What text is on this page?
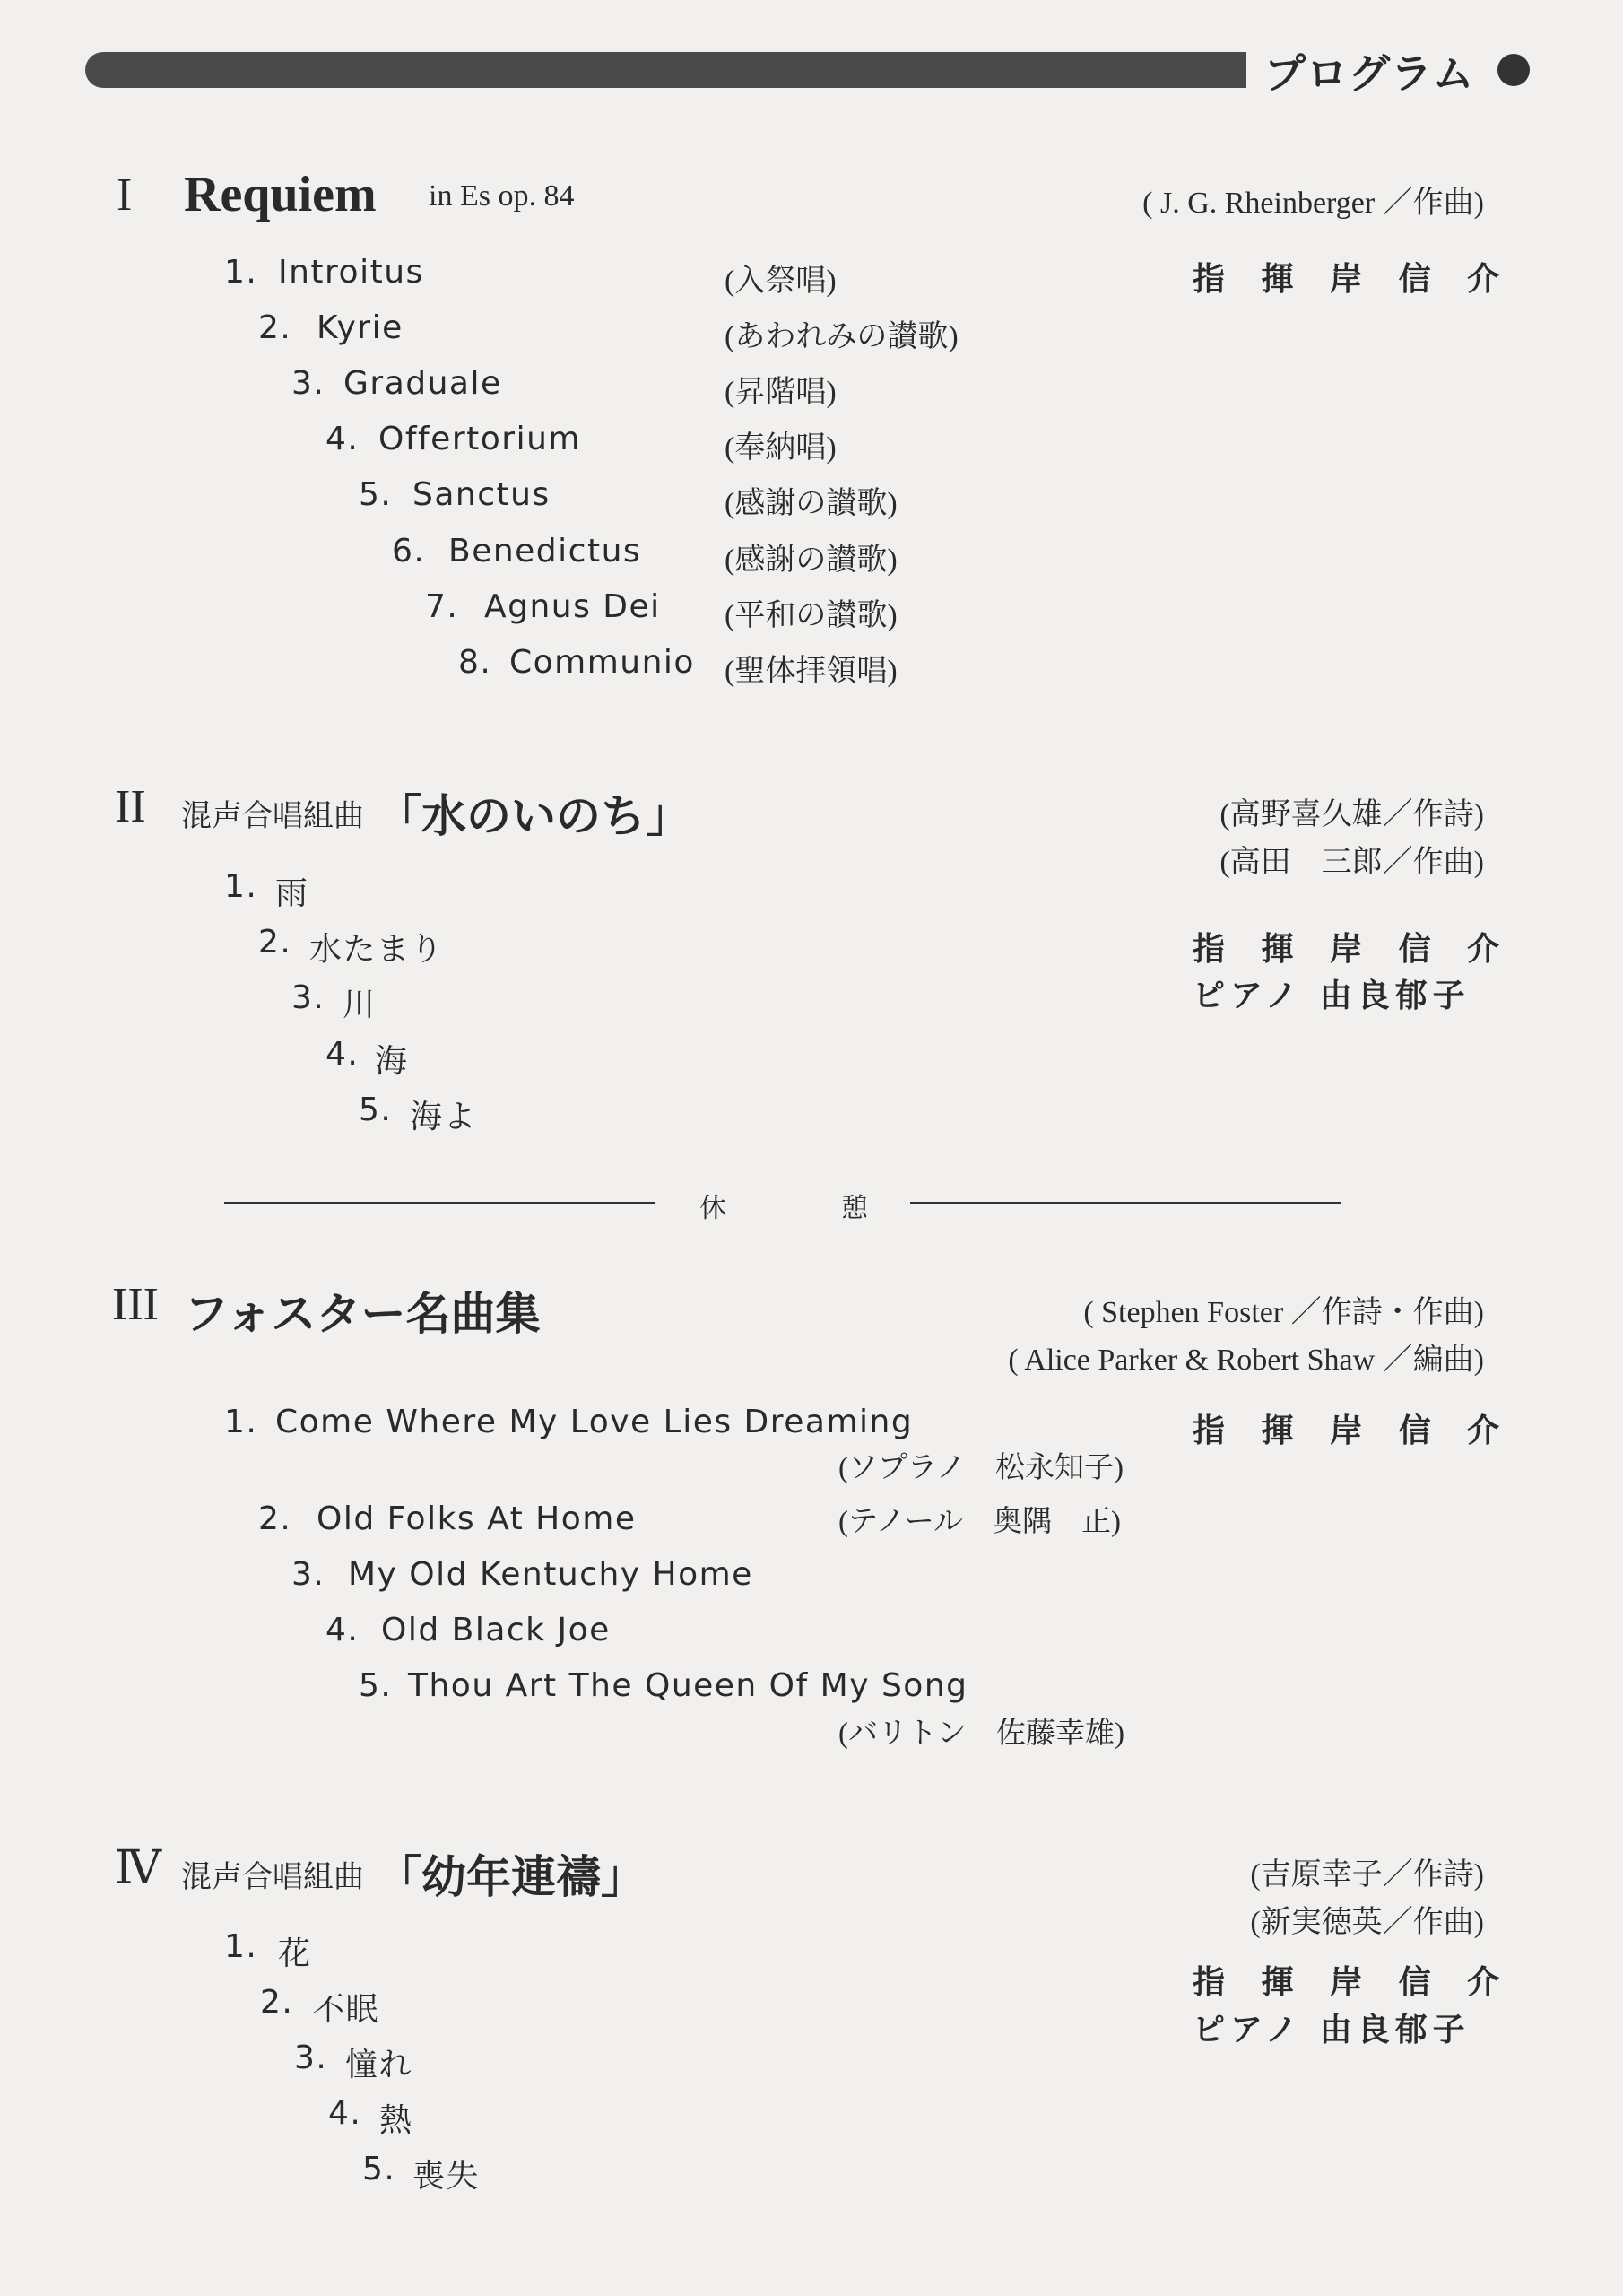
プログラム
I Requiem in Es op. 84	( J. G. Rheinberger ／作曲)
指 揮 岸 信 介
1. Introitus	(入祭唱)
2. Kyrie	(あわれみの讃歌)
3. Graduale	(昇階唱)
4. Offertorium	(奉納唱)
5. Sanctus	(感謝の讃歌)
6. Benedictus	(感謝の讃歌)
7. Agnus Dei (平和の讃歌)
8. Communio (聖体拝領唱)
II 混声合唱組曲 「水のいのち」	(高野喜久雄／作詩)
(高田　三郎／作曲)
指 揮 岸 信 介
ピアノ 由良郁子
1. 雨
2. 水たまり
3. 川
4. 海
5. 海よ
休	憩
III フォスター名曲集	( Stephen Foster ／作詩・作曲)
( Alice Parker & Robert Shaw ／編曲)
指 揮 岸 信 介
1. Come Where My Love Lies Dreaming
(ソプラノ　松永知子)
2. Old Folks At Home	(テノール　奥隅　正)
3. My Old Kentuchy Home
4. Old Black Joe
5. Thou Art The Queen Of My Song
(バリトン　佐藤幸雄)
Ⅳ 混声合唱組曲 「幼年連禱」	(吉原幸子／作詩)
(新実徳英／作曲)
指 揮 岸 信 介
ピアノ 由良郁子
1. 花
2. 不眠
3. 憧れ
4. 熱
5. 喪失
